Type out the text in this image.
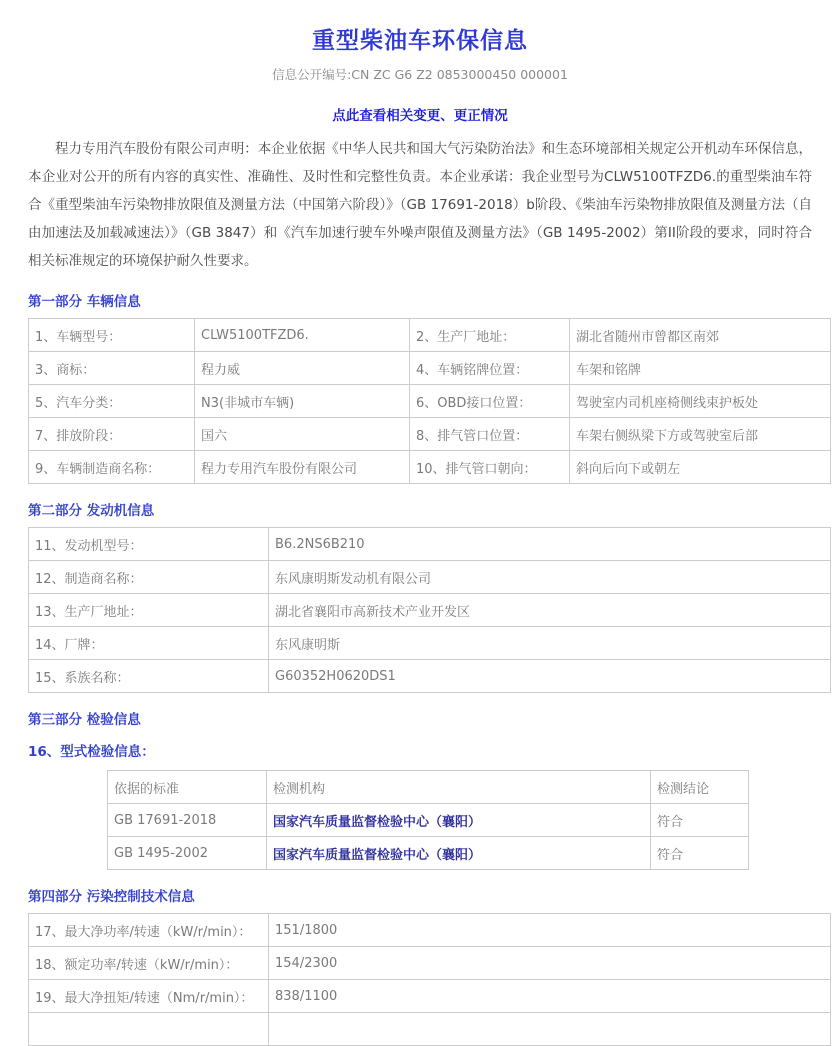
重型柴油车环保信息
信息公开编号:CN ZC G6 Z2 0853000450 000001
点此查看相关变更、更正情况

程力专用汽车股份有限公司声明：本企业依据《中华人民共和国大气污染防治法》和生态环境部相关规定公开机动车环保信息，本企业对公开的所有内容的真实性、准确性、及时性和完整性负责。本企业承诺：我企业型号为CLW5100TFZD6.的重型柴油车符合《重型柴油车污染物排放限值及测量方法（中国第六阶段）》（GB 17691-2018）b阶段、《柴油车污染物排放限值及测量方法（自由加速法及加载减速法）》（GB 3847）和《汽车加速行驶车外噪声限值及测量方法》（GB 1495-2002）第II阶段的要求，同时符合相关标准规定的环境保护耐久性要求。

第一部分 车辆信息
1、车辆型号：	CLW5100TFZD6.	2、生产厂地址：	湖北省随州市曾都区南郊
3、商标：	程力威	4、车辆铭牌位置：	车架和铭牌
5、汽车分类：	N3(非城市车辆)	6、OBD接口位置：	驾驶室内司机座椅侧线束护板处
7、排放阶段：	国六	8、排气管口位置：	车架右侧纵梁下方或驾驶室后部
9、车辆制造商名称：	程力专用汽车股份有限公司	10、排气管口朝向：	斜向后向下或朝左
第二部分 发动机信息
11、发动机型号：	B6.2NS6B210
12、制造商名称：	东风康明斯发动机有限公司
13、生产厂地址：	湖北省襄阳市高新技术产业开发区
14、厂牌：	东风康明斯
15、系族名称：	G60352H0620DS1
第三部分 检验信息
16、型式检验信息：
依据的标准	检测机构	检测结论
GB 17691-2018	国家汽车质量监督检验中心（襄阳）	符合
GB 1495-2002	国家汽车质量监督检验中心（襄阳）	符合
第四部分 污染控制技术信息
17、最大净功率/转速（kW/r/min）：	151/1800
18、额定功率/转速（kW/r/min）：	154/2300
19、最大净扭矩/转速（Nm/r/min）：	838/1100
